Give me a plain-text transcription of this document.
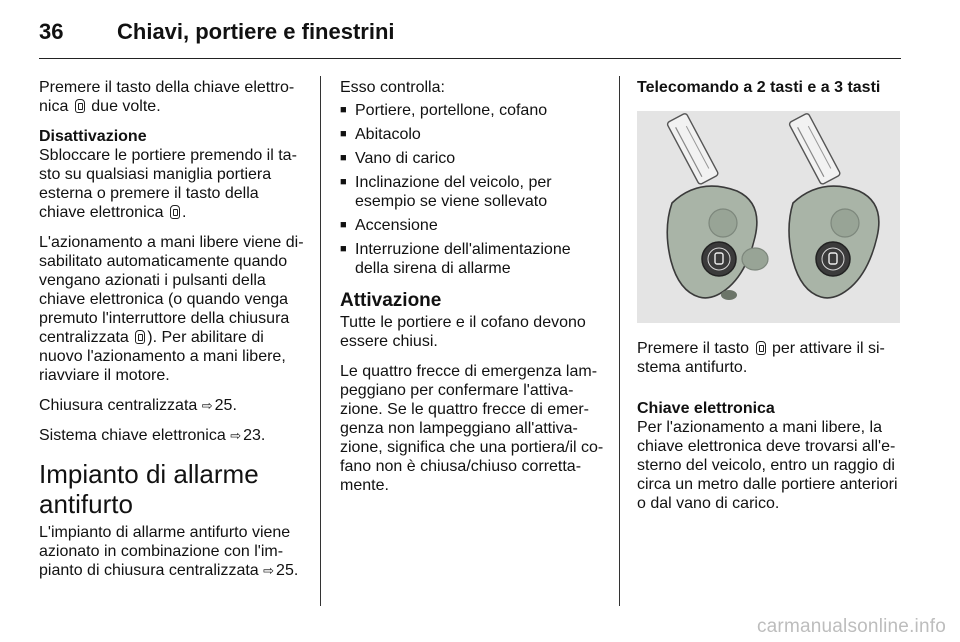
36	Chiavi, portiere e finestrini

Premere il tasto della chiave elettro-nica due volte.

Disattivazione

Sbloccare le portiere premendo il ta-sto su qualsiasi maniglia portiera esterna o premere il tasto della chiave elettronica .

L'azionamento a mani libere viene di-sabilitato automaticamente quando vengano azionati i pulsanti della chiave elettronica (o quando venga premuto l'interruttore della chiusura centralizzata ). Per abilitare di nuovo l'azionamento a mani libere, riavviare il motore.

Chiusura centralizzata ⇨ 25.

Sistema chiave elettronica ⇨ 23.

Impianto di allarme antifurto

L'impianto di allarme antifurto viene azionato in combinazione con l'im-pianto di chiusura centralizzata ⇨ 25.

Esso controlla:

■ Portiere, portellone, cofano
■ Abitacolo
■ Vano di carico
■ Inclinazione del veicolo, per esempio se viene sollevato
■ Accensione
■ Interruzione dell'alimentazione della sirena di allarme
Attivazione

Tutte le portiere e il cofano devono essere chiusi.

Le quattro frecce di emergenza lam-peggiano per confermare l'attiva-zione. Se le quattro frecce di emer-genza non lampeggiano all'attiva-zione, significa che una portiera/il co-fano non è chiusa/chiuso corretta-mente.

Telecomando a 2 tasti e a 3 tasti

Premere il tasto per attivare il si-stema antifurto.

Chiave elettronica

Per l'azionamento a mani libere, la chiave elettronica deve trovarsi all'e-sterno del veicolo, entro un raggio di circa un metro dalle portiere anteriori o dal vano di carico.

carmanualsonline.info
